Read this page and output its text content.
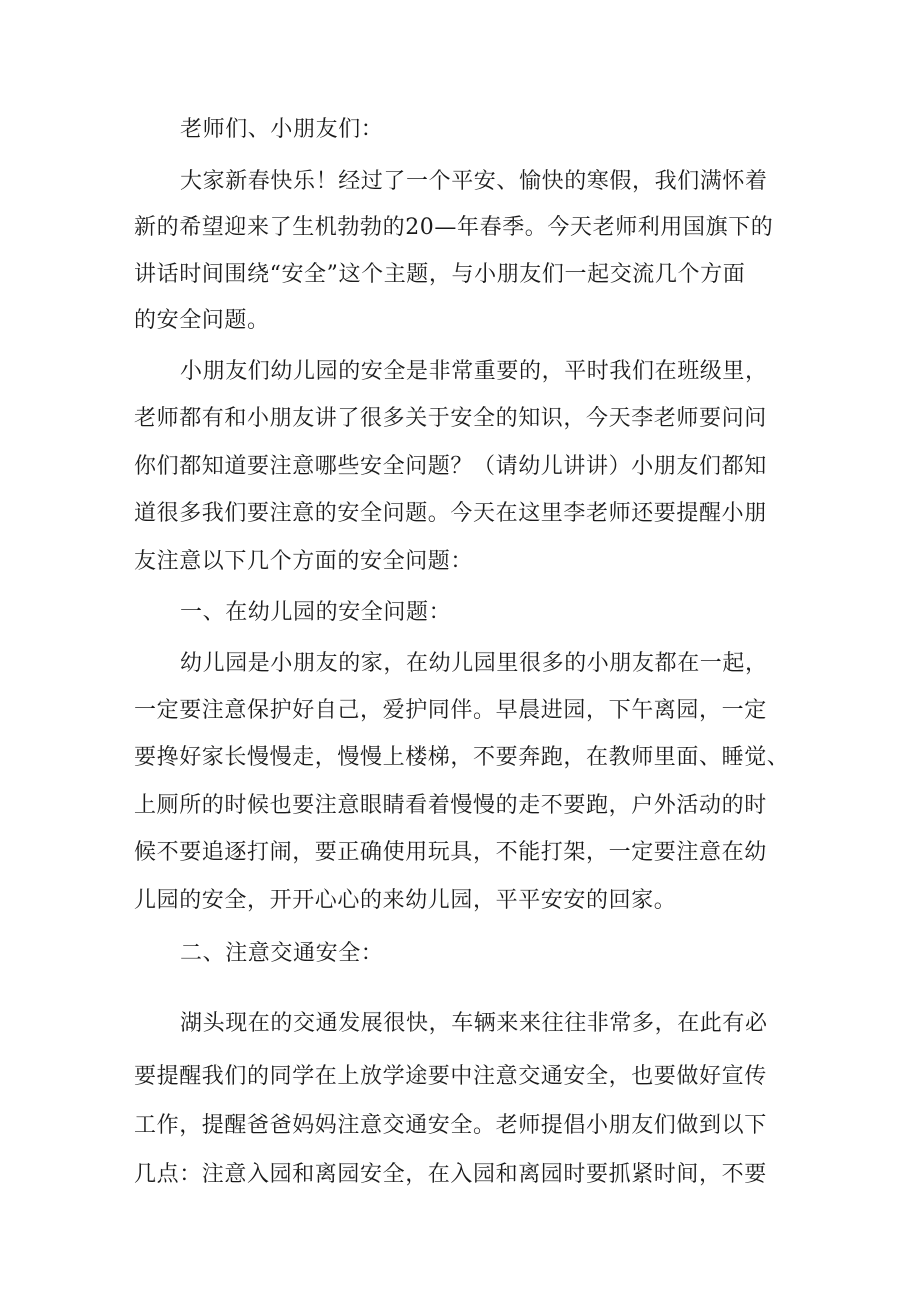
老师们、小朋友们：
大家新春快乐！经过了一个平安、愉快的寒假，我们满怀着
新的希望迎来了生机勃勃的20—年春季。今天老师利用国旗下的
讲话时间围绕“安全”这个主题，与小朋友们一起交流几个方面
的安全问题。
小朋友们幼儿园的安全是非常重要的，平时我们在班级里，
老师都有和小朋友讲了很多关于安全的知识，今天李老师要问问
你们都知道要注意哪些安全问题？（请幼儿讲讲）小朋友们都知
道很多我们要注意的安全问题。今天在这里李老师还要提醒小朋
友注意以下几个方面的安全问题：
一、在幼儿园的安全问题：
幼儿园是小朋友的家，在幼儿园里很多的小朋友都在一起，
一定要注意保护好自己，爱护同伴。早晨进园，下午离园，一定
要搀好家长慢慢走，慢慢上楼梯，不要奔跑，在教师里面、睡觉、
上厕所的时候也要注意眼睛看着慢慢的走不要跑，户外活动的时
候不要追逐打闹，要正确使用玩具，不能打架，一定要注意在幼
儿园的安全，开开心心的来幼儿园，平平安安的回家。
二、注意交通安全：
湖头现在的交通发展很快，车辆来来往往非常多，在此有必
要提醒我们的同学在上放学途要中注意交通安全，也要做好宣传
工作，提醒爸爸妈妈注意交通安全。老师提倡小朋友们做到以下
几点：注意入园和离园安全，在入园和离园时要抓紧时间，不要
